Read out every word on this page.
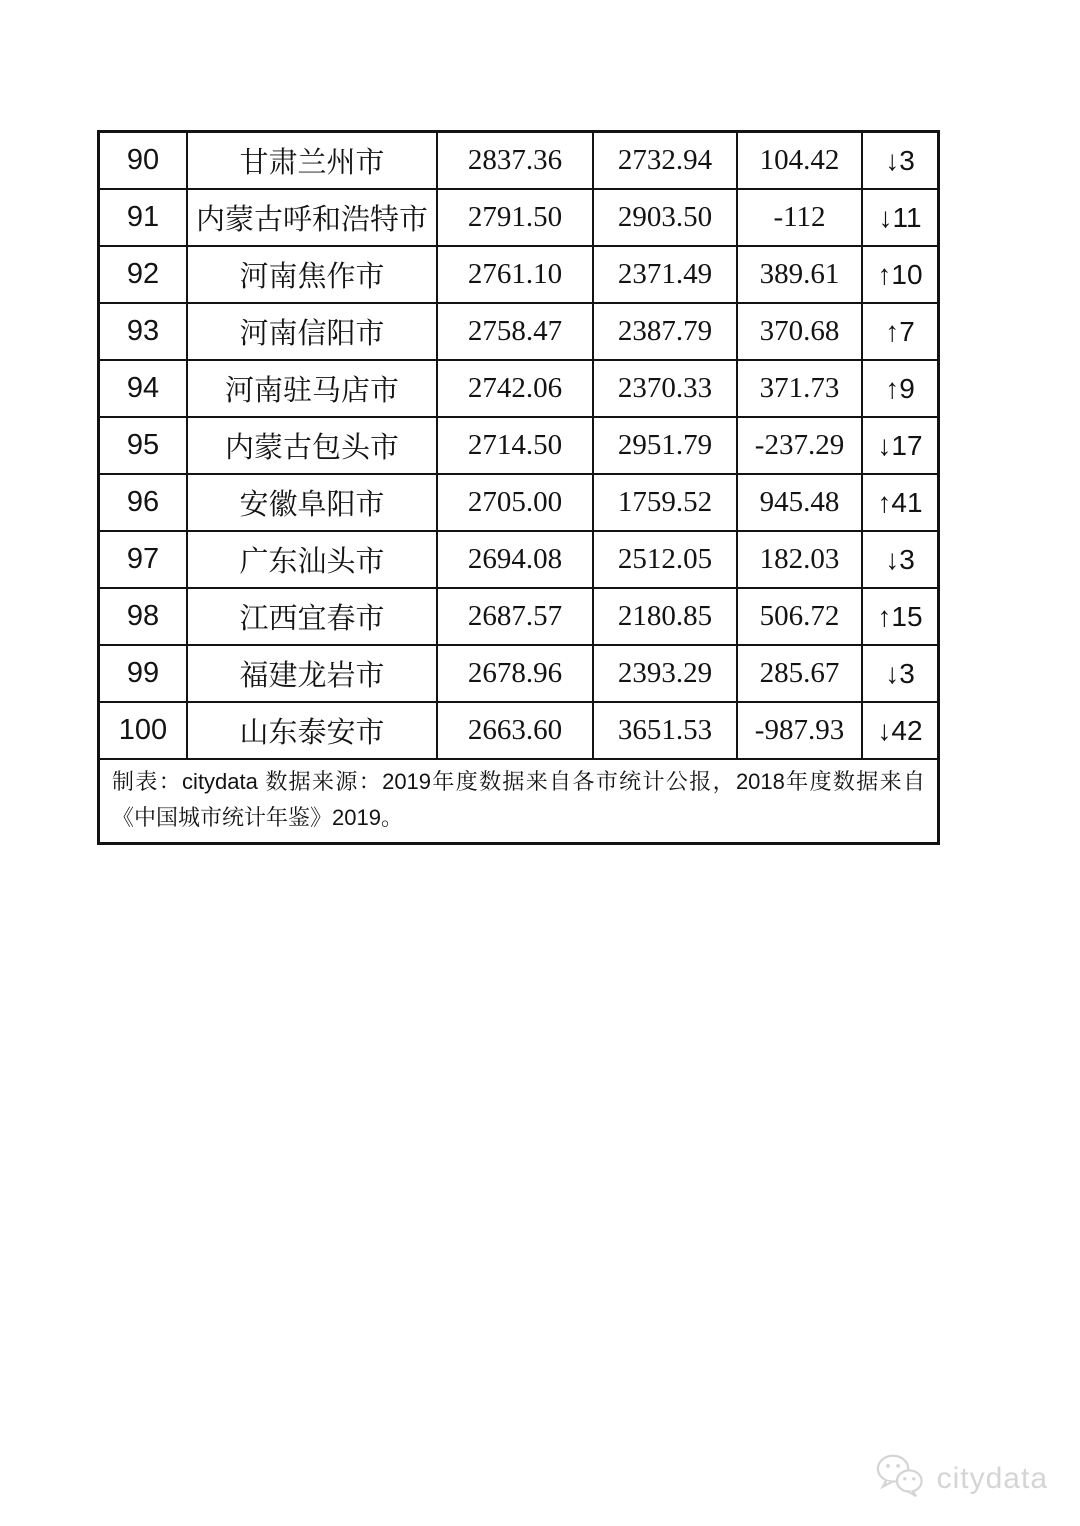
90	甘肃兰州市	2837.36	2732.94	104.42	↓3
91	内蒙古呼和浩特市	2791.50	2903.50	-112	↓11
92	河南焦作市	2761.10	2371.49	389.61	↑10
93	河南信阳市	2758.47	2387.79	370.68	↑7
94	河南驻马店市	2742.06	2370.33	371.73	↑9
95	内蒙古包头市	2714.50	2951.79	-237.29	↓17
96	安徽阜阳市	2705.00	1759.52	945.48	↑41
97	广东汕头市	2694.08	2512.05	182.03	↓3
98	江西宜春市	2687.57	2180.85	506.72	↑15
99	福建龙岩市	2678.96	2393.29	285.67	↓3
100	山东泰安市	2663.60	3651.53	-987.93	↓42
制表：citydata 数据来源：2019年度数据来自各市统计公报，2018年度数据来自《中国城市统计年鉴》2019。
citydata
